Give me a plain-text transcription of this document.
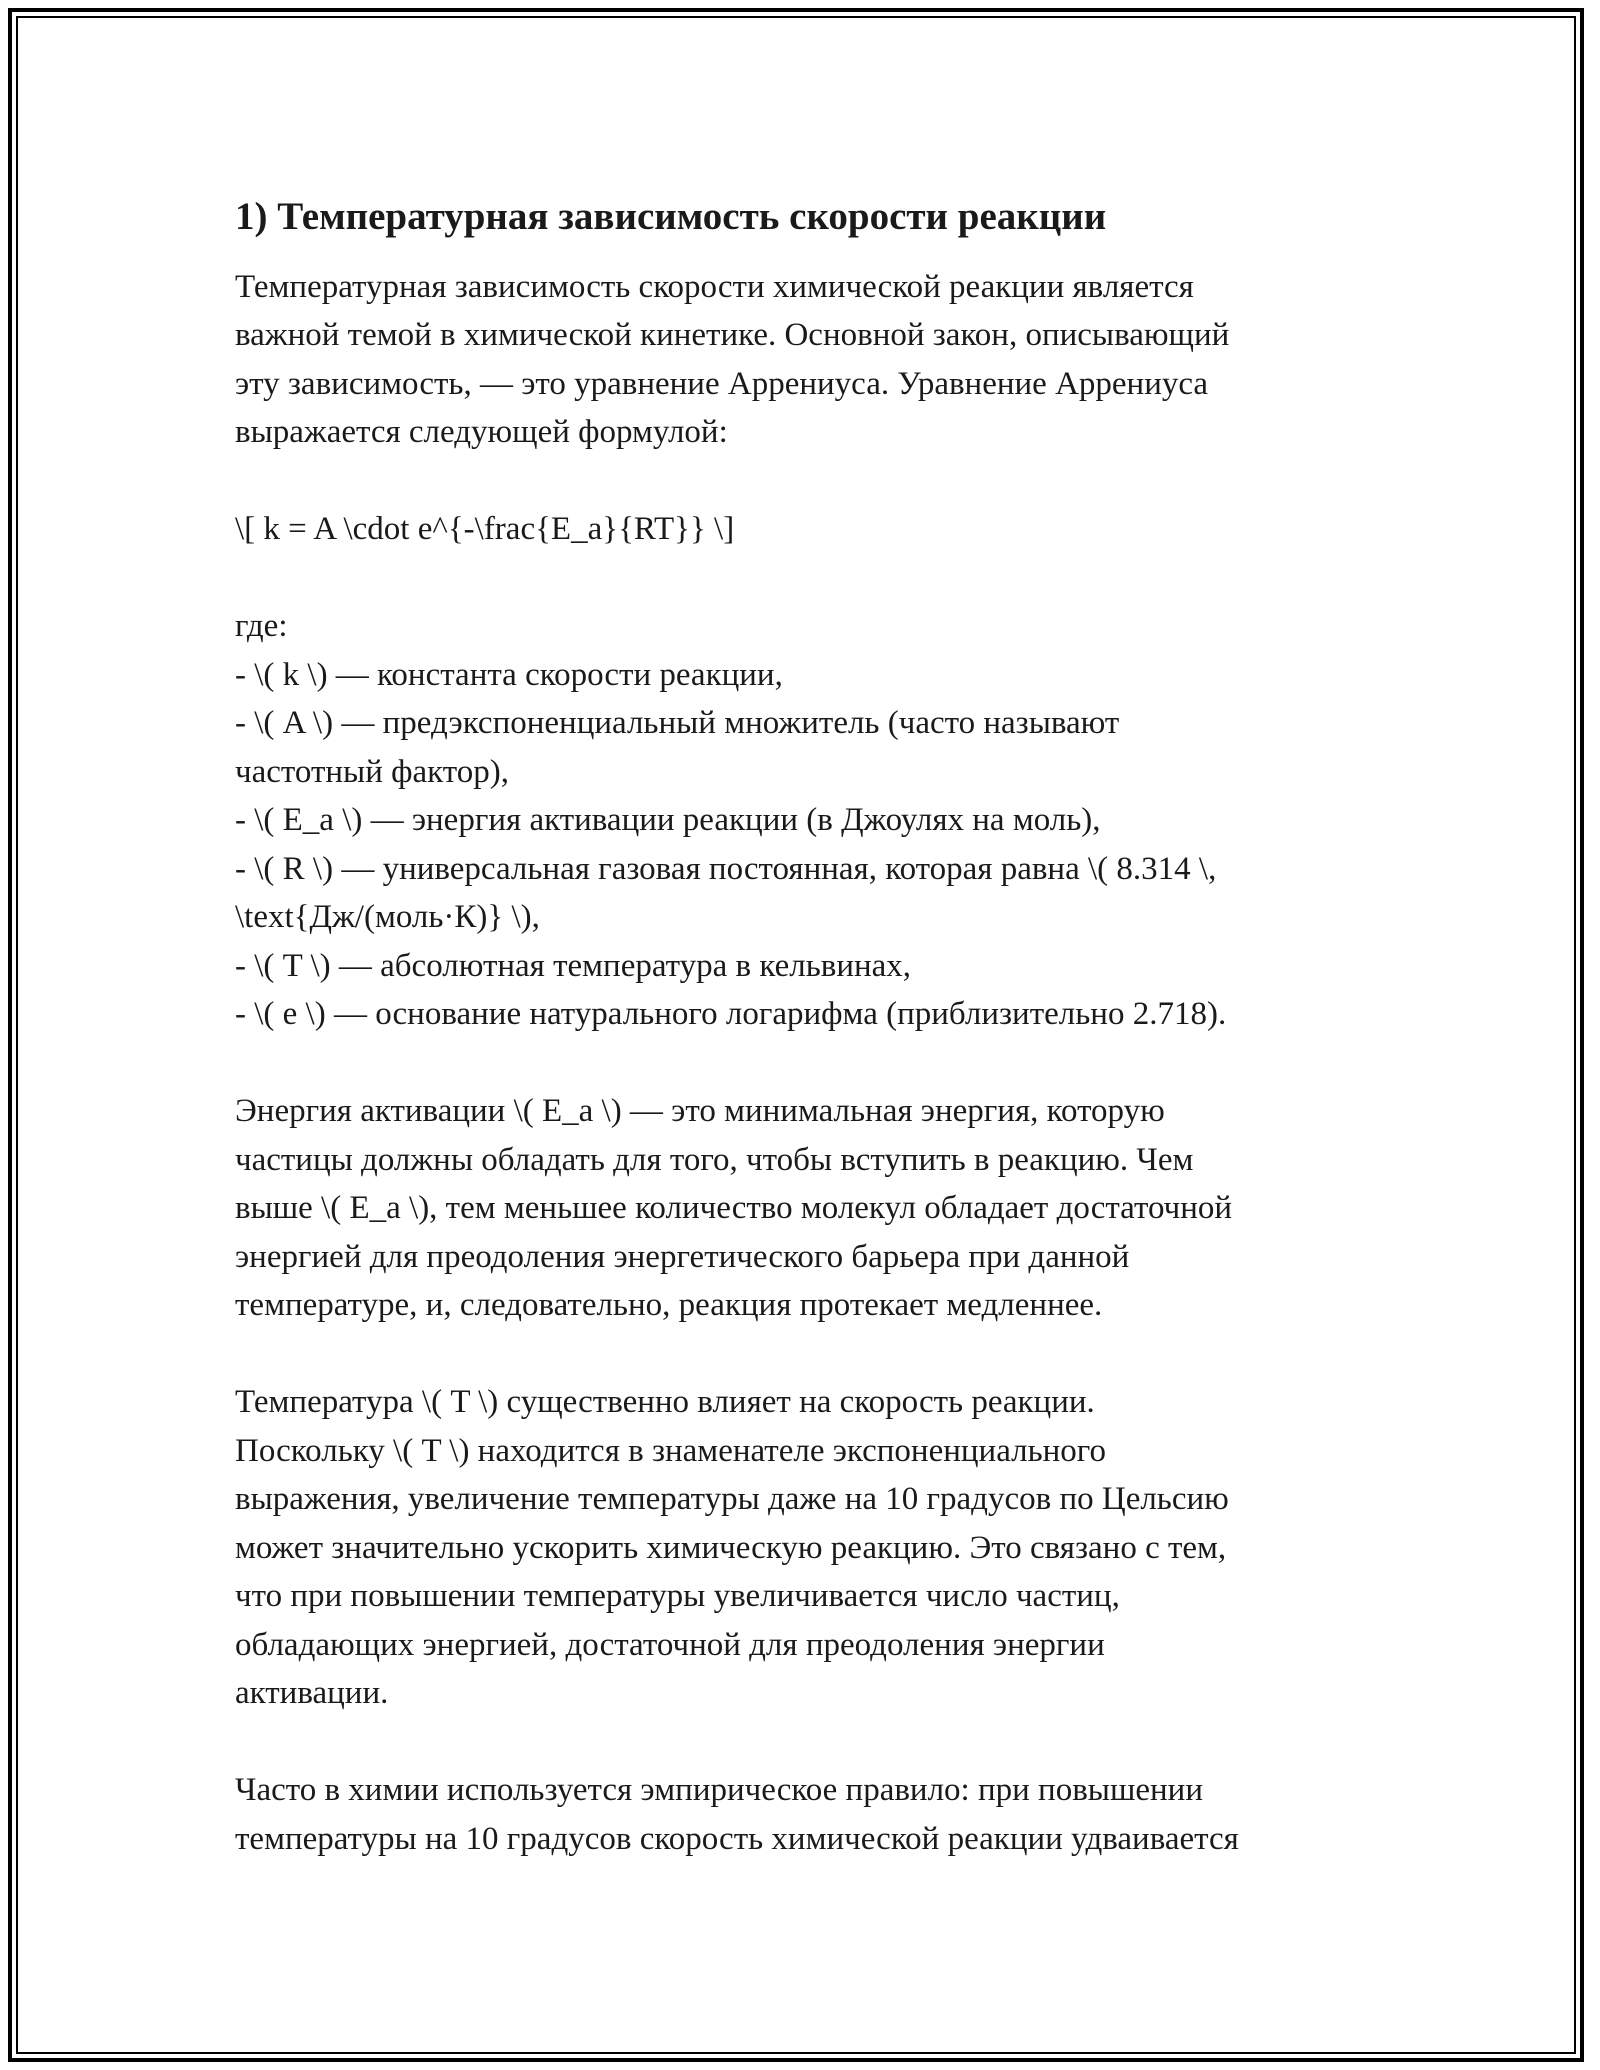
1) Температурная зависимость скорости реакции

Температурная зависимость скорости химической реакции является
важной темой в химической кинетике. Основной закон, описывающий
эту зависимость, — это уравнение Аррениуса. Уравнение Аррениуса
выражается следующей формулой:

\[ k = A \cdot e^{-\frac{E_a}{RT}} \]

где:
- \( k \) — константа скорости реакции,
- \( A \) — предэкспоненциальный множитель (часто называют
частотный фактор),
- \( E_a \) — энергия активации реакции (в Джоулях на моль),
- \( R \) — универсальная газовая постоянная, которая равна \( 8.314 \,
\text{Дж/(моль·К)} \),
- \( T \) — абсолютная температура в кельвинах,
- \( e \) — основание натурального логарифма (приблизительно 2.718).

Энергия активации \( E_a \) — это минимальная энергия, которую
частицы должны обладать для того, чтобы вступить в реакцию. Чем
выше \( E_a \), тем меньшее количество молекул обладает достаточной
энергией для преодоления энергетического барьера при данной
температуре, и, следовательно, реакция протекает медленнее.

Температура \( T \) существенно влияет на скорость реакции.
Поскольку \( T \) находится в знаменателе экспоненциального
выражения, увеличение температуры даже на 10 градусов по Цельсию
может значительно ускорить химическую реакцию. Это связано с тем,
что при повышении температуры увеличивается число частиц,
обладающих энергией, достаточной для преодоления энергии
активации.

Часто в химии используется эмпирическое правило: при повышении
температуры на 10 градусов скорость химической реакции удваивается
